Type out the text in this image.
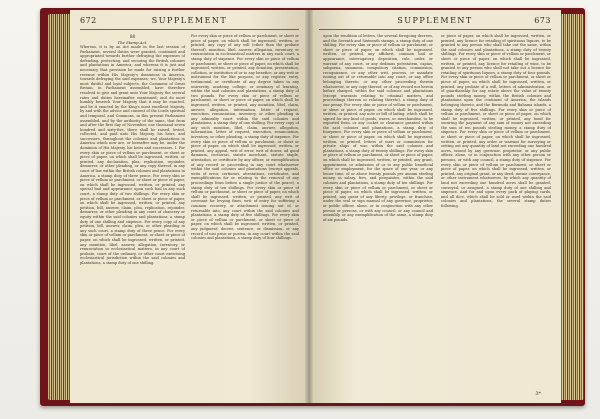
672	SUPPLEMENT
88
The Stamp Act.
Whereas, it is by an Act made in the last session of Parliament, several duties were granted, continued and appropriated towards further defraying the expenses of defending, protecting, and securing the British colonies and plantations in America; and whereas it is just and necessary that provision be made for raising a further revenue within His Majesty's dominions in America, towards defraying the said expenses; we, Your Majesty's most dutiful and loyal subjects, the Commons of Great Britain, in Parliament assembled, have therefore resolved to give and grant unto Your Majesty the several rates and duties hereinafter mentioned; and do most humbly beseech Your Majesty that it may be enacted, and be it enacted by the King's most excellent Majesty, by and with the advice and consent of the Lords spiritual and temporal, and Commons, in this present Parliament assembled, and by the authority of the same, that from and after the first day of November, one thousand seven hundred and sixty-five, there shall be raised, levied, collected, and paid unto His Majesty, his heirs, and successors, throughout the colonies and plantations in America which now are, or hereafter may be, under the dominion of His Majesty, his heirs and successors. I. For every skin or piece of vellum or parchment, or sheet or piece of paper, on which shall be ingrossed, written, or printed, any declaration, plea, replication, rejoinder, demurrer, or other pleading, or any copy thereof, in any court of law within the British colonies and plantations in America, a stamp duty of three pence. For every skin or piece of vellum or parchment, or sheet or piece of paper, on which shall be ingrossed, written, or printed, any special bail and appearance upon such bail in any such court, a stamp duty of two shillings. For every skin or piece of vellum or parchment, or sheet or piece of paper, on which shall be ingrossed, written, or printed, any petition, bill, answer, claim, plea, replication, rejoinder, demurrer, or other pleading in any court of chancery or equity within the said colonies and plantations, a stamp duty of one shilling and sixpence. For every copy of any petition, bill, answer, claim, plea, or other pleading in any such court, a stamp duty of three pence. For every skin or piece of vellum or parchment, or sheet or piece of paper, on which shall be ingrossed, written, or printed, any monition, libel, answer, allegation, inventory, or renunciation in ecclesiastical matters, in any court of probate, court of the ordinary, or other court exercising ecclesiastical jurisdiction within the said colonies and plantations, a stamp duty of one shilling.
For every skin or piece of vellum or parchment, or sheet or piece of paper, on which shall be ingrossed, written, or printed, any copy of any will (other than the probate thereof), monition, libel, answer, allegation, inventory, or renunciation in ecclesiastical matters in any such court, a stamp duty of sixpence. For every skin or piece of vellum or parchment, or sheet or piece of paper, on which shall be ingrossed, written, or printed, any donation, presentation, collation, or institution of or to any benefice, or any writ or instrument for the like purpose, or any register, entry, testimonial, or certificate of any degree taken in any university, academy, college, or seminary of learning, within the said colonies and plantations, a stamp duty of two pounds. For every skin or piece of vellum or parchment, or sheet or piece of paper, on which shall be ingrossed, written, or printed, any monition, libel, claim, answer, allegation, information, letter of request, execution, renunciation, inventory, or other pleading in any admiralty court within the said colonies and plantations, a stamp duty of one shilling. For every copy of any such monition, libel, claim, answer, allegation, information, letter of request, execution, renunciation, inventory, or other pleading, a stamp duty of sixpence. For every skin or piece of vellum or parchment, or sheet or piece of paper, on which shall be ingrossed, written, or printed, any appeal, writ of error, writ of dower, ad quod damnum, certiorari, statute merchant, statute staple, attestation, or certificate by any officer, or exemplification of any record or proceeding in any court whatsoever within the said colonies and plantations (except appeals, writs of error, certiorari, attestations, certificates, and exemplifications for or relating to the removal of any proceedings from before a single justice of the peace), a stamp duty of ten shillings. For every skin or piece of vellum or parchment, or sheet or piece of paper, on which shall be ingrossed, written, or printed, any writ of covenant for levying fines, writ of entry for suffering a common recovery, or attachment issuing out of, or returnable into, any court within the said colonies and plantations, a stamp duty of five shillings. For every skin or piece of vellum or parchment, or sheet or piece of paper, on which shall be ingrossed, written, or printed, any judgment, decree, sentence, or dismission, or any record of nisi prius or postea, in any court within the said colonies and plantations, a stamp duty of four shillings.
SUPPLEMENT	673
upon the rendition of letters, the several foregoing decrees, and the Seventh and Sixteenth stamps, a stamp duty of one shilling. For every skin or piece of vellum or parchment, or sheet or piece of paper, on which shall be ingrossed, written, or printed, any affidavit, common bail or appearance, interrogatory, deposition, rule, order, or warrant of any court, or any dedimus potestatem, capias, subpoena, summons, compulsory citation, commission, recognizance, or any other writ, process, or mandate issuing out of or returnable into any court, or any office belonging thereto, or any other proceeding therein whatsoever, or any copy thereof, or of any record not herein before charged, within the said colonies and plantations (except warrants relating to criminal matters, and proceedings thereon or relating thereto), a stamp duty of one penny. For every skin or piece of vellum or parchment, or sheet or piece of paper, on which shall be ingrossed, written, or printed, any note or bill of lading, which shall be signed for any kind of goods, wares, or merchandise, to be exported from, or any cocket or clearance granted within the said colonies and plantations, a stamp duty of fourpence. For every skin or piece of vellum or parchment, or sheet or piece of paper, on which shall be ingrossed, written, or printed, letters of mart or commission for private ships of war, within the said colonies and plantations, a stamp duty of twenty shillings. For every skin or piece of vellum or parchment, or sheet or piece of paper, on which shall be ingrossed, written, or printed, any grant, appointment, or admission of or to any public beneficial office or employment, for the space of one year, or any lesser time, of or above twenty pounds per annum sterling money, in salary, fees, and perquisites, within the said colonies and plantations, a stamp duty of ten shillings. For every skin or piece of vellum or parchment, or sheet or piece of paper, on which shall be ingrossed, written, or printed, any grant of any liberty, privilege, or franchise, under the seal or sign manual of any governor, proprietor, or public officer, alone, or in conjunction with any other person or persons, or with any council, or any council and assembly, or any exemplification of the same, a stamp duty of six pounds.
or piece of paper, on which shall be ingrossed, written, or printed, any licence for retailing of spirituous liquors, to be granted to any person who shall take out the same, within the said colonies and plantations, a stamp duty of twenty shillings. For every skin or piece of vellum or parchment, or sheet or piece of paper, on which shall be ingrossed, written, or printed, any licence for retailing of wine, to be granted to any person who shall not take out a licence for retailing of spirituous liquors, a stamp duty of four pounds. For every skin or piece of vellum or parchment, or sheet or piece of paper, on which shall be ingrossed, written, or printed, any probate of a will, letters of administration, or of guardianship for any estate above the value of twenty pounds sterling money, within the British colonies and plantations upon the continent of America, the islands belonging thereto, and the Bermuda and Bahama islands, a stamp duty of five shillings. For every skin or piece of vellum or parchment, or sheet or piece of paper, on which shall be ingrossed, written, or printed, any bond for securing the payment of any sum of money not exceeding the sum of ten pounds sterling money, a stamp duty of sixpence. For every skin or piece of vellum or parchment, or sheet or piece of paper, on which shall be ingrossed, written, or printed, any order or warrant for surveying or setting out any quantity of land not exceeding one hundred acres, issued by any governor, proprietor, or any public officer, alone, or in conjunction with any other person or persons, or with any council, a stamp duty of sixpence. For every skin or piece of vellum or parchment, or sheet or piece of paper, on which shall be ingrossed, written, or printed, any original grant, or any deed, mesne conveyance, or other instrument whatsoever, by which any quantity of land not exceeding one hundred acres shall be granted, conveyed, or assigned, a stamp duty of one shilling and sixpence. And for and upon every pack of playing cards, and all dice, which shall be sold or used within the said colonies and plantations, the several stamp duties following.
3*
